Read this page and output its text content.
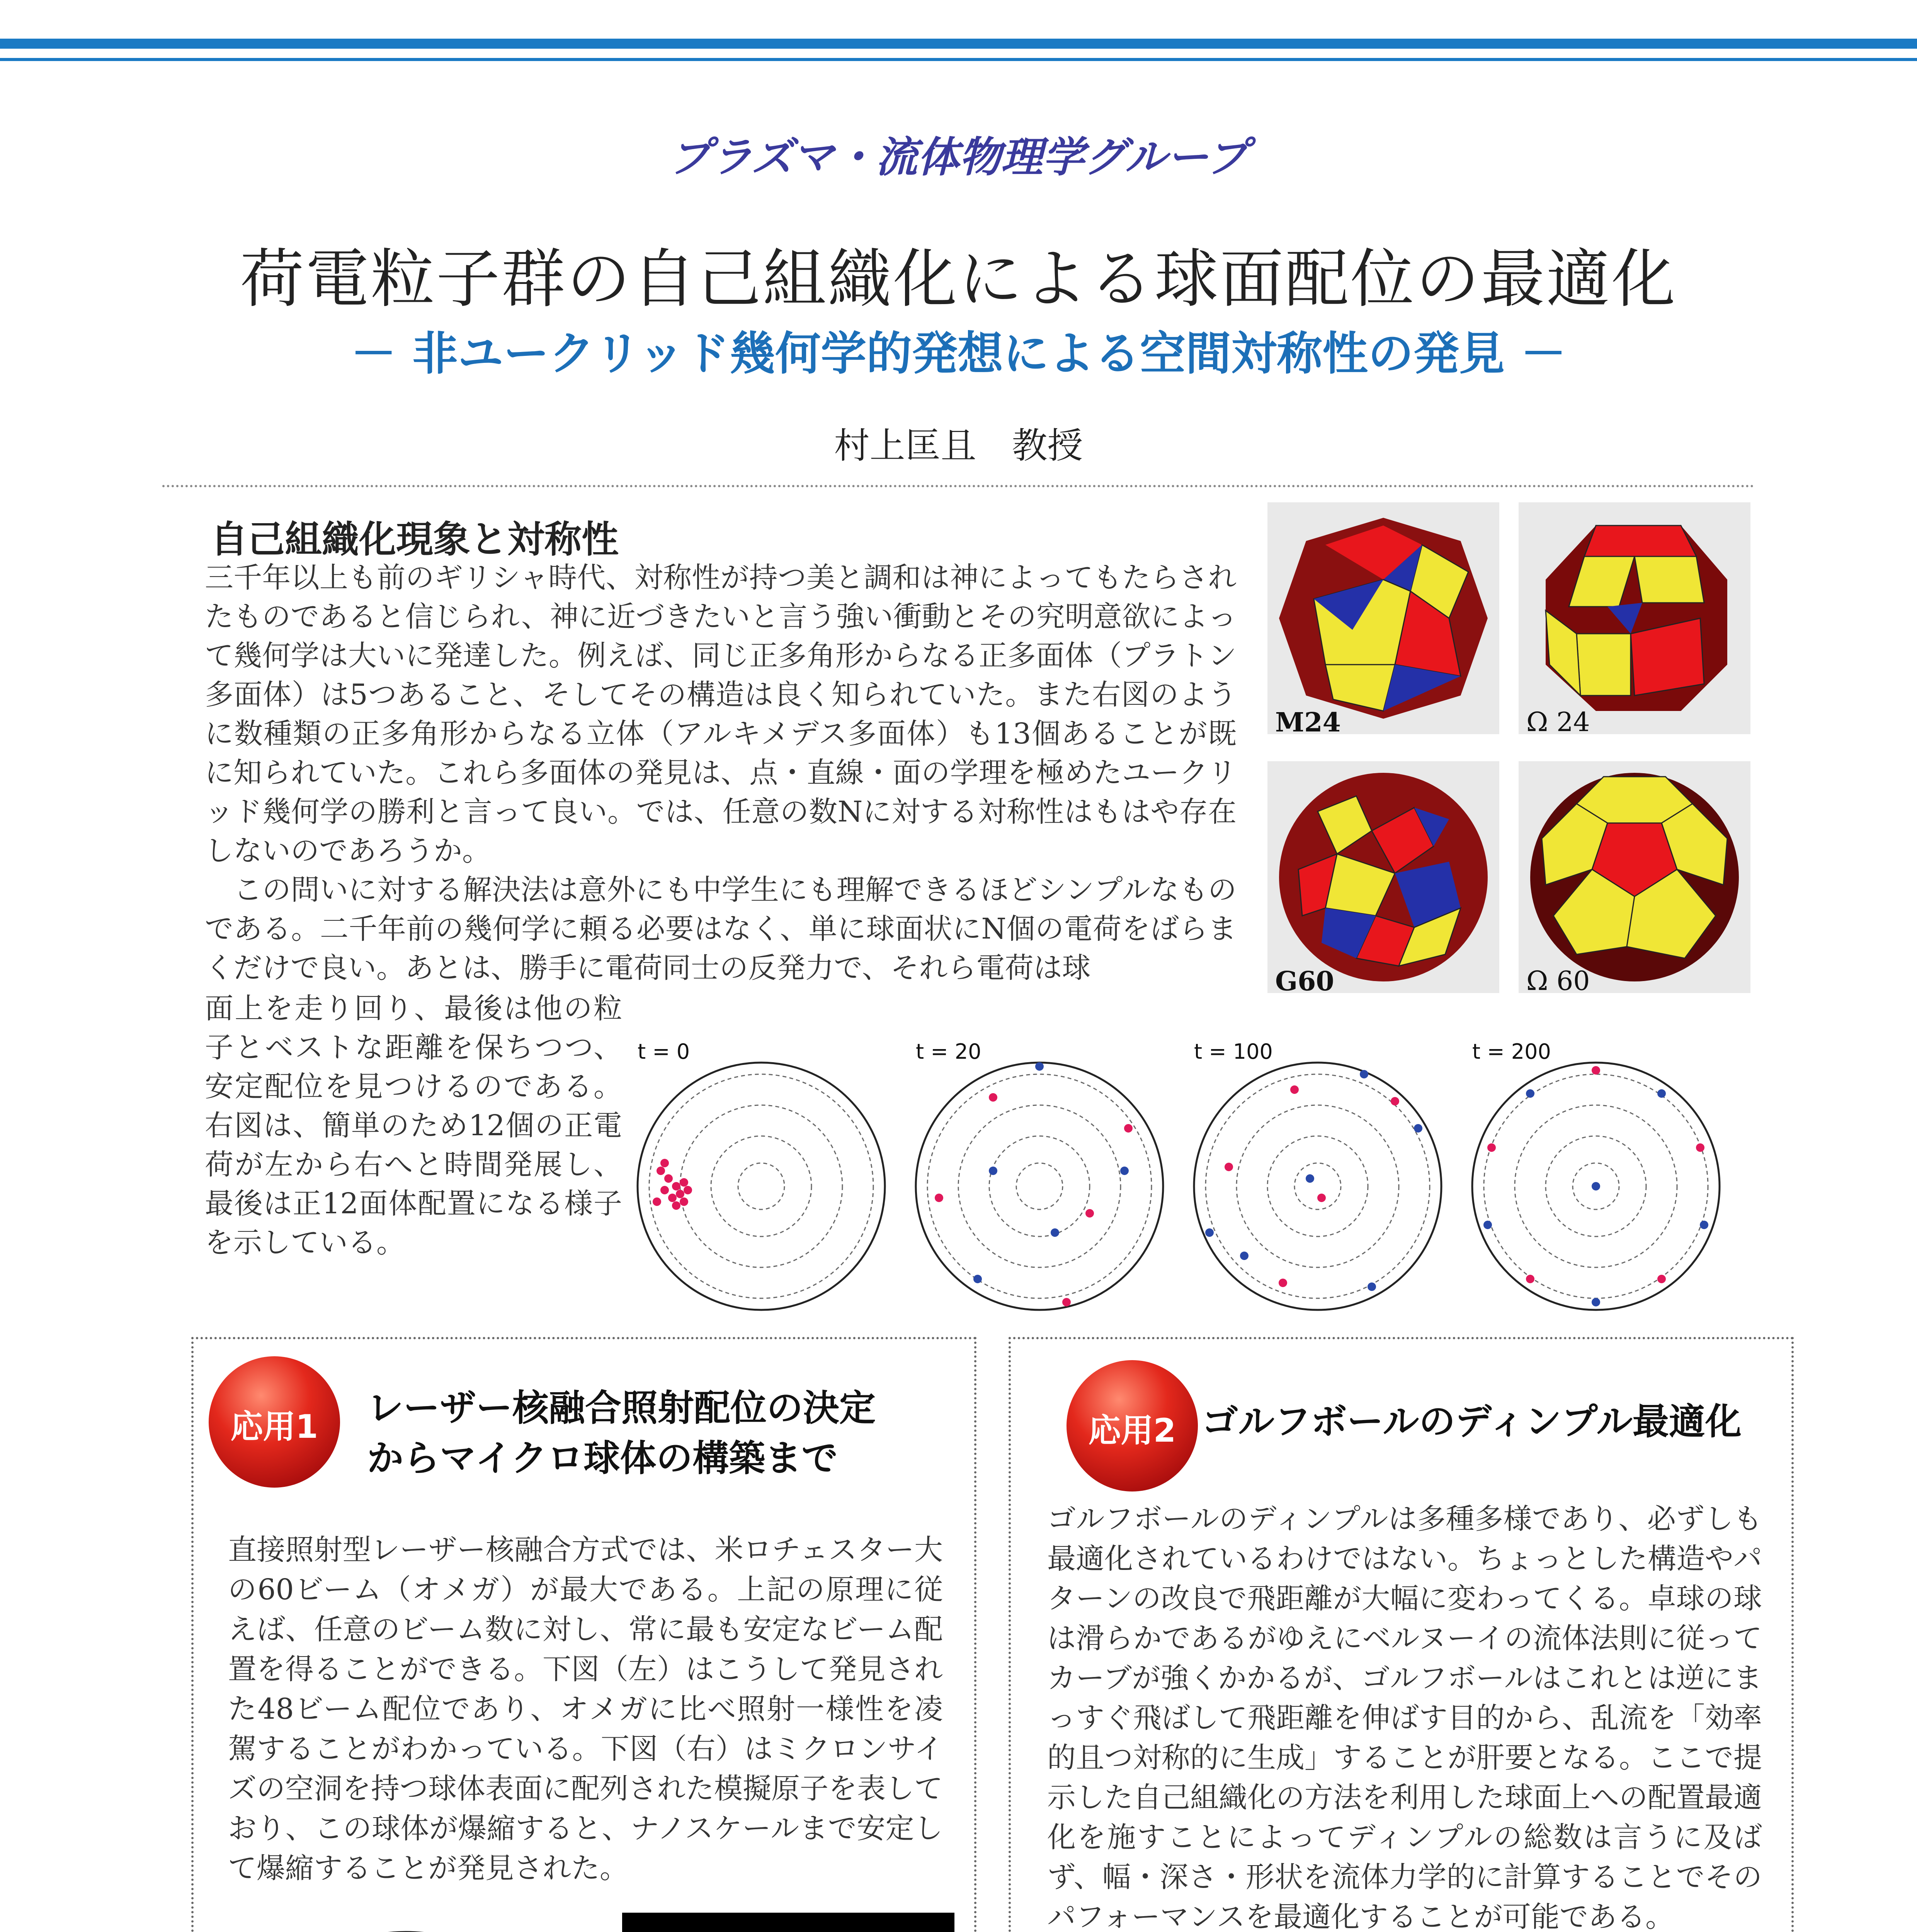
プラズマ・流体物理学グループ
荷電粒子群の自己組織化による球面配位の最適化
－ 非ユークリッド幾何学的発想による空間対称性の発見 －
村上匡且　教授
自己組織化現象と対称性

三千年以上も前のギリシャ時代、対称性が持つ美と調和は神によってもたらされたものであると信じられ、神に近づきたいと言う強い衝動とその究明意欲によって幾何学は大いに発達した。例えば、同じ正多角形からなる正多面体（プラトン多面体）は5つあること、そしてその構造は良く知られていた。また右図のように数種類の正多角形からなる立体（アルキメデス多面体）も13個あることが既に知られていた。これら多面体の発見は、点・直線・面の学理を極めたユークリッド幾何学の勝利と言って良い。では、任意の数Nに対する対称性はもはや存在しないのであろうか。

　この問いに対する解決法は意外にも中学生にも理解できるほどシンプルなものである。二千年前の幾何学に頼る必要はなく、単に球面状にN個の電荷をばらまくだけで良い。あとは、勝手に電荷同士の反発力で、それら電荷は球

面上を走り回り、最後は他の粒子とベストな距離を保ちつつ、安定配位を見つけるのである。右図は、簡単のため12個の正電荷が左から右へと時間発展し、最後は正12面体配置になる様子を示している。
M24	Ω 24
G60	Ω 60
t = 0	t = 20	t = 100	t = 200
応用1	レーザー核融合照射配位の決定
からマイクロ球体の構築まで
直接照射型レーザー核融合方式では、米ロチェスター大の60ビーム（オメガ）が最大である。上記の原理に従えば、任意のビーム数に対し、常に最も安定なビーム配置を得ることができる。下図（左）はこうして発見された48ビーム配位であり、オメガに比べ照射一様性を凌駕することがわかっている。下図（右）はミクロンサイズの空洞を持つ球体表面に配列された模擬原子を表しており、この球体が爆縮すると、ナノスケールまで安定して爆縮することが発見された。
応用2 ゴルフボールのディンプル最適化
ゴルフボールのディンプルは多種多様であり、必ずしも最適化されているわけではない。ちょっとした構造やパターンの改良で飛距離が大幅に変わってくる。卓球の球は滑らかであるがゆえにベルヌーイの流体法則に従ってカーブが強くかかるが、ゴルフボールはこれとは逆にまっすぐ飛ばして飛距離を伸ばす目的から、乱流を「効率的且つ対称的に生成」することが肝要となる。ここで提示した自己組織化の方法を利用した球面上への配置最適化を施すことによってディンプルの総数は言うに及ばず、幅・深さ・形状を流体力学的に計算することでそのパフォーマンスを最適化することが可能である。
